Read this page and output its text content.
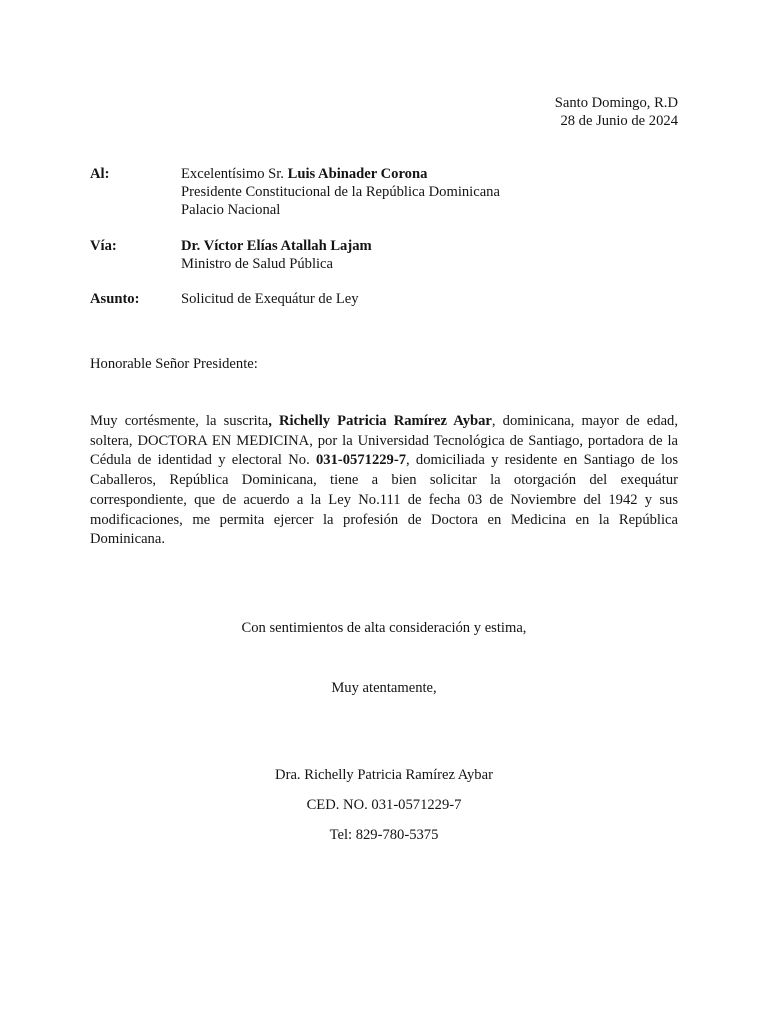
Santo Domingo, R.D
28 de Junio de 2024
Al:	Excelentísimo Sr. Luis Abinader Corona
Presidente Constitucional de la República Dominicana
Palacio Nacional
Vía:	Dr. Víctor Elías Atallah Lajam
Ministro de Salud Pública
Asunto:	Solicitud de Exequátur de Ley
Honorable Señor Presidente:

Muy cortésmente, la suscrita, Richelly Patricia Ramírez Aybar, dominicana, mayor de edad, soltera, DOCTORA EN MEDICINA, por la Universidad Tecnológica de Santiago, portadora de la Cédula de identidad y electoral No. 031-0571229-7, domiciliada y residente en Santiago de los Caballeros, República Dominicana, tiene a bien solicitar la otorgación del exequátur correspondiente, que de acuerdo a la Ley No.111 de fecha 03 de Noviembre del 1942 y sus modificaciones, me permita ejercer la profesión de Doctora en Medicina en la República Dominicana.

Con sentimientos de alta consideración y estima,
Muy atentamente,
Dra. Richelly Patricia Ramírez Aybar
CED. NO. 031-0571229-7
Tel: 829-780-5375
